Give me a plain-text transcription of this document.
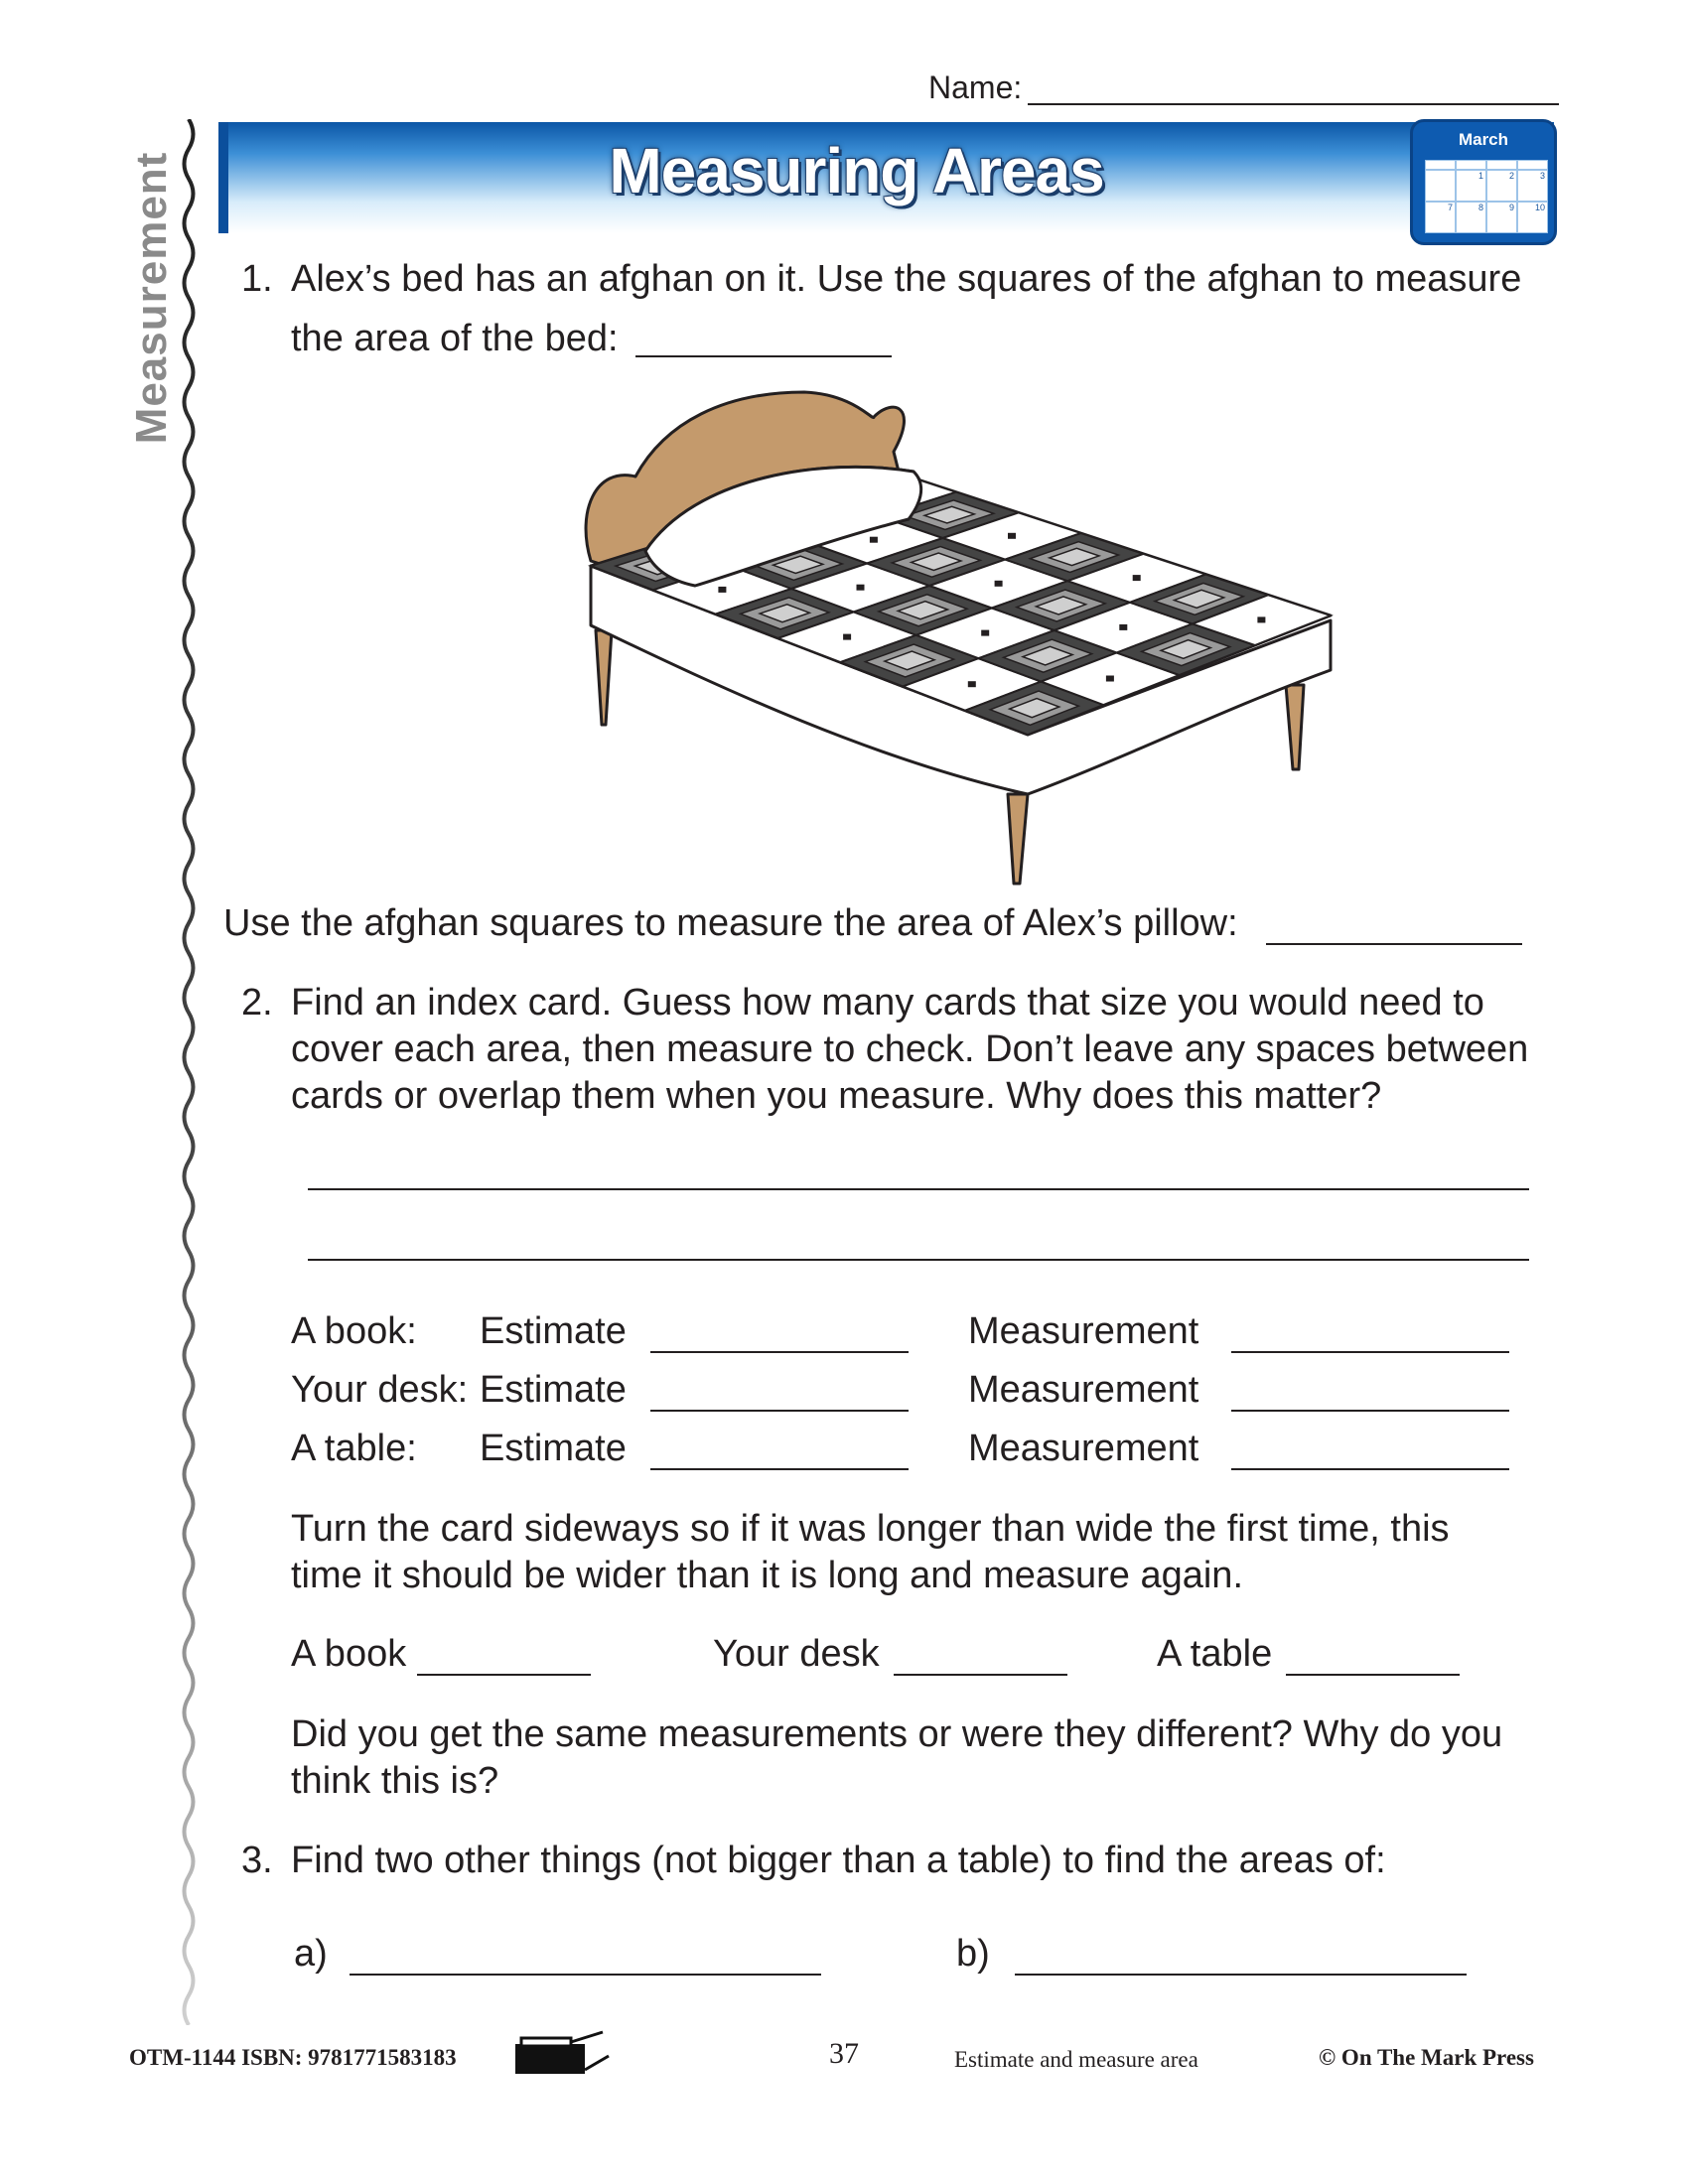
Measurement
Name:
Measuring Areas	March
1	2	3
7	8	9	10
1. Alex’s bed has an afghan on it. Use the squares of the afghan to measure
the area of the bed:
Use the afghan squares to measure the area of Alex’s pillow:
2. Find an index card. Guess how many cards that size you would need to
cover each area, then measure to check. Don’t leave any spaces between
cards or overlap them when you measure. Why does this matter?
A book: Estimate	Measurement
Your desk: Estimate	Measurement
A table: Estimate	Measurement
Turn the card sideways so if it was longer than wide the first time, this
time it should be wider than it is long and measure again.
A book	Your desk	A table
Did you get the same measurements or were they different? Why do you
think this is?
3. Find two other things (not bigger than a table) to find the areas of:
a)	b)
OTM-1144 ISBN: 9781771583183	37	Estimate and measure area	© On The Mark Press
